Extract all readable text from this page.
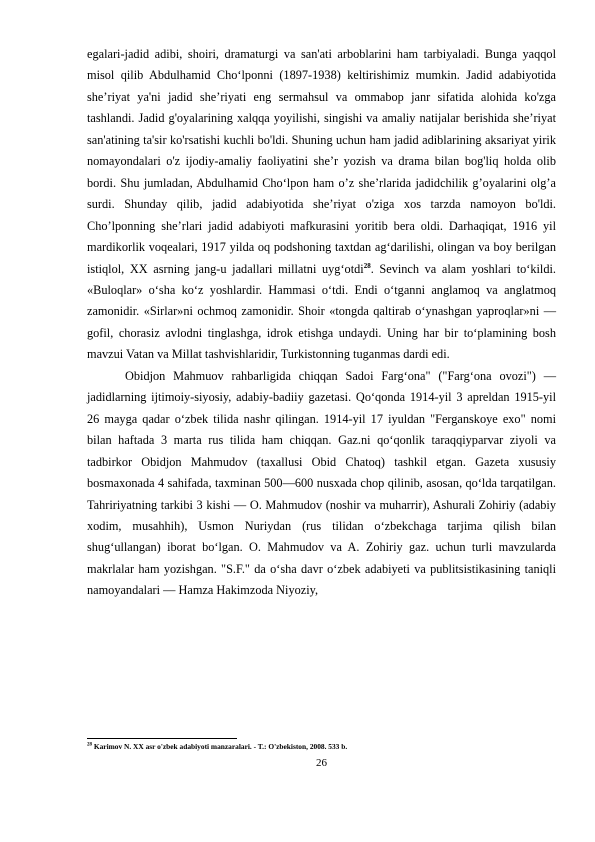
egalari-jadid adibi, shoiri, dramaturgi va san'ati arboblarini ham tarbiyaladi. Bunga yaqqol misol qilib Abdulhamid Cho‘lponni (1897-1938) keltirishimiz mumkin. Jadid adabiyotida she’riyat ya'ni jadid she’riyati eng sermahsul va ommabop janr sifatida alohida ko'zga tashlandi. Jadid g'oyalarining xalqqa yoyilishi, singishi va amaliy natijalar berishida she’riyat san'atining ta'sir ko'rsatishi kuchli bo'ldi. Shuning uchun ham jadid adiblarining aksariyat yirik nomayondalari o'z ijodiy-amaliy faoliyatini she’r yozish va drama bilan bog'liq holda olib bordi. Shu jumladan, Abdulhamid Cho‘lpon ham o’z she’rlarida jadidchilik g’oyalarini olg’a surdi. Shunday qilib, jadid adabiyotida she’riyat o'ziga xos tarzda namoyon bo'ldi. Cho’lponning she’rlari jadid adabiyoti mafkurasini yoritib bera oldi. Darhaqiqat, 1916 yil mardikorlik voqealari, 1917 yilda oq podshoning taxtdan ag‘darilishi, olingan va boy berilgan istiqlol, XX asrning jang-u jadallari millatni uyg‘otdi$^{28}$. Sevinch va alam yoshlari to‘kildi. «Buloqlar» o‘sha ko‘z yoshlardir. Hammasi o‘tdi. Endi o‘tganni anglamoq va anglatmoq zamonidir. «Sirlar»ni ochmoq zamonidir. Shoir «tongda qaltirab o‘ynashgan yaproqlar»ni — gofil, chorasiz avlodni tinglashga, idrok etishga undaydi. Uning har bir to‘plamining bosh mavzui Vatan va Millat tashvishlaridir, Turkistonning tuganmas dardi edi.

Obidjon Mahmuov rahbarligida chiqqan Sadoi Farg‘ona" ("Farg‘ona ovozi") — jadidlarning ijtimoiy-siyosiy, adabiy-badiiy gazetasi. Qo‘qonda 1914-yil 3 apreldan 1915-yil 26 mayga qadar o‘zbek tilida nashr qilingan. 1914-yil 17 iyuldan "Ferganskoye exo" nomi bilan haftada 3 marta rus tilida ham chiqqan. Gaz.ni qo‘qonlik taraqqiyparvar ziyoli va tadbirkor Obidjon Mahmudov (taxallusi Obid Chatoq) tashkil etgan. Gazeta xususiy bosmaxonada 4 sahifada, taxminan 500—600 nusxada chop qilinib, asosan, qo‘lda tarqatilgan. Tahririyatning tarkibi 3 kishi — O. Mahmudov (noshir va muharrir), Ashurali Zohiriy (adabiy xodim, musahhih), Usmon Nuriydan (rus tilidan o‘zbekchaga tarjima qilish bilan shug‘ullangan) iborat bo‘lgan. O. Mahmudov va A. Zohiriy gaz. uchun turli mavzularda makrlalar ham yozishgan. "S.F." da o‘sha davr o‘zbek adabiyeti va publitsistikasining taniqli namoyandalari — Hamza Hakimzoda Niyoziy,

$^{28}$ Karimov N. XX asr o'zbek adabiyoti manzaralari. - T.: O'zbekiston, 2008. 533 b.
26
